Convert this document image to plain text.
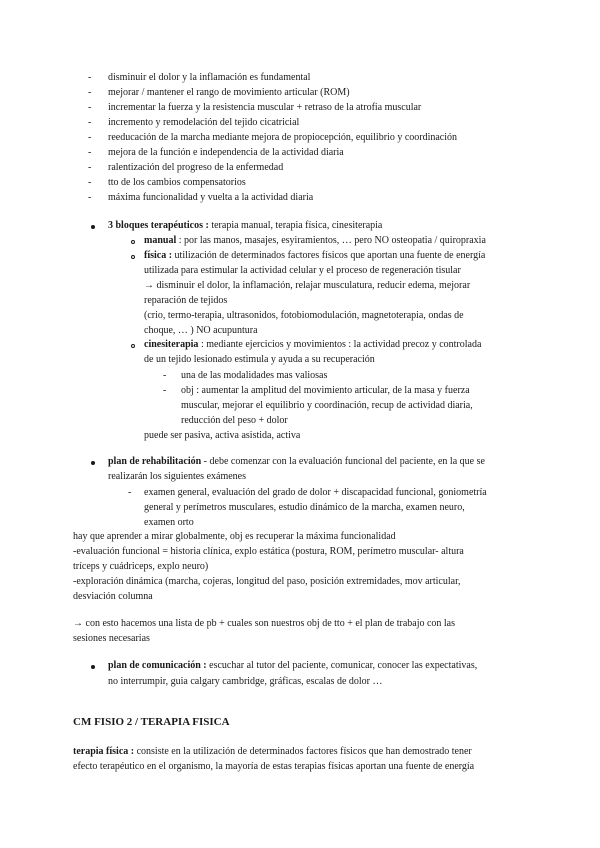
- disminuir el dolor y la inflamación es fundamental
- mejorar / mantener el rango de movimiento articular (ROM)
- incrementar la fuerza y la resistencia muscular + retraso de la atrofia muscular
- incremento y remodelación del tejido cicatricial
- reeducación de la marcha mediante mejora de propiocepción, equilibrio y coordinación
- mejora de la función e independencia de la actividad diaria
- ralentización del progreso de la enfermedad
- tto de los cambios compensatorios
- máxima funcionalidad y vuelta a la actividad diaria
3 bloques terapéuticos : terapia manual, terapia física, cinesiterapia
manual : por las manos, masajes, esyiramientos, … pero NO osteopatia / quiropraxia
física : utilización de determinados factores físicos que aportan una fuente de energía
utilizada para estimular la actividad celular y el proceso de regeneración tisular
→ disminuir el dolor, la inflamación, relajar musculatura, reducir edema, mejorar
reparación de tejidos
(crio, termo-terapia, ultrasonidos, fotobiomodulación, magnetoterapia, ondas de
choque, … ) NO acupuntura
cinesiterapia : mediante ejercicios y movimientos : la actividad precoz y controlada
de un tejido lesionado estimula y ayuda a su recuperación
- una de las modalidades mas valiosas
- obj : aumentar la amplitud del movimiento articular, de la masa y fuerza
muscular, mejorar el equilibrio y coordinación, recup de actividad diaria,
reducción del peso + dolor
puede ser pasiva, activa asistida, activa
plan de rehabilitación - debe comenzar con la evaluación funcional del paciente, en la que se
realizarán los siguientes exámenes
- examen general, evaluación del grado de dolor + discapacidad funcional, goniometría
general y perímetros musculares, estudio dinámico de la marcha, examen neuro,
examen orto
hay que aprender a mirar globalmente, obj es recuperar la máxima funcionalidad
-evaluación funcional = historia clínica, explo estática (postura, ROM, perímetro muscular- altura
tríceps y cuádriceps, explo neuro)
-exploración dinámica (marcha, cojeras, longitud del paso, posición extremidades, mov articular,
desviación columna
→ con esto hacemos una lista de pb + cuales son nuestros obj de tto + el plan de trabajo con las
sesiones necesarias
plan de comunicación : escuchar al tutor del paciente, comunicar, conocer las expectativas,
no interrumpir, guia calgary cambridge, gráficas, escalas de dolor …
CM FISIO 2 / TERAPIA FISICA
terapia física : consiste en la utilización de determinados factores físicos que han demostrado tener
efecto terapéutico en el organismo, la mayoría de estas terapias físicas aportan una fuente de energía
